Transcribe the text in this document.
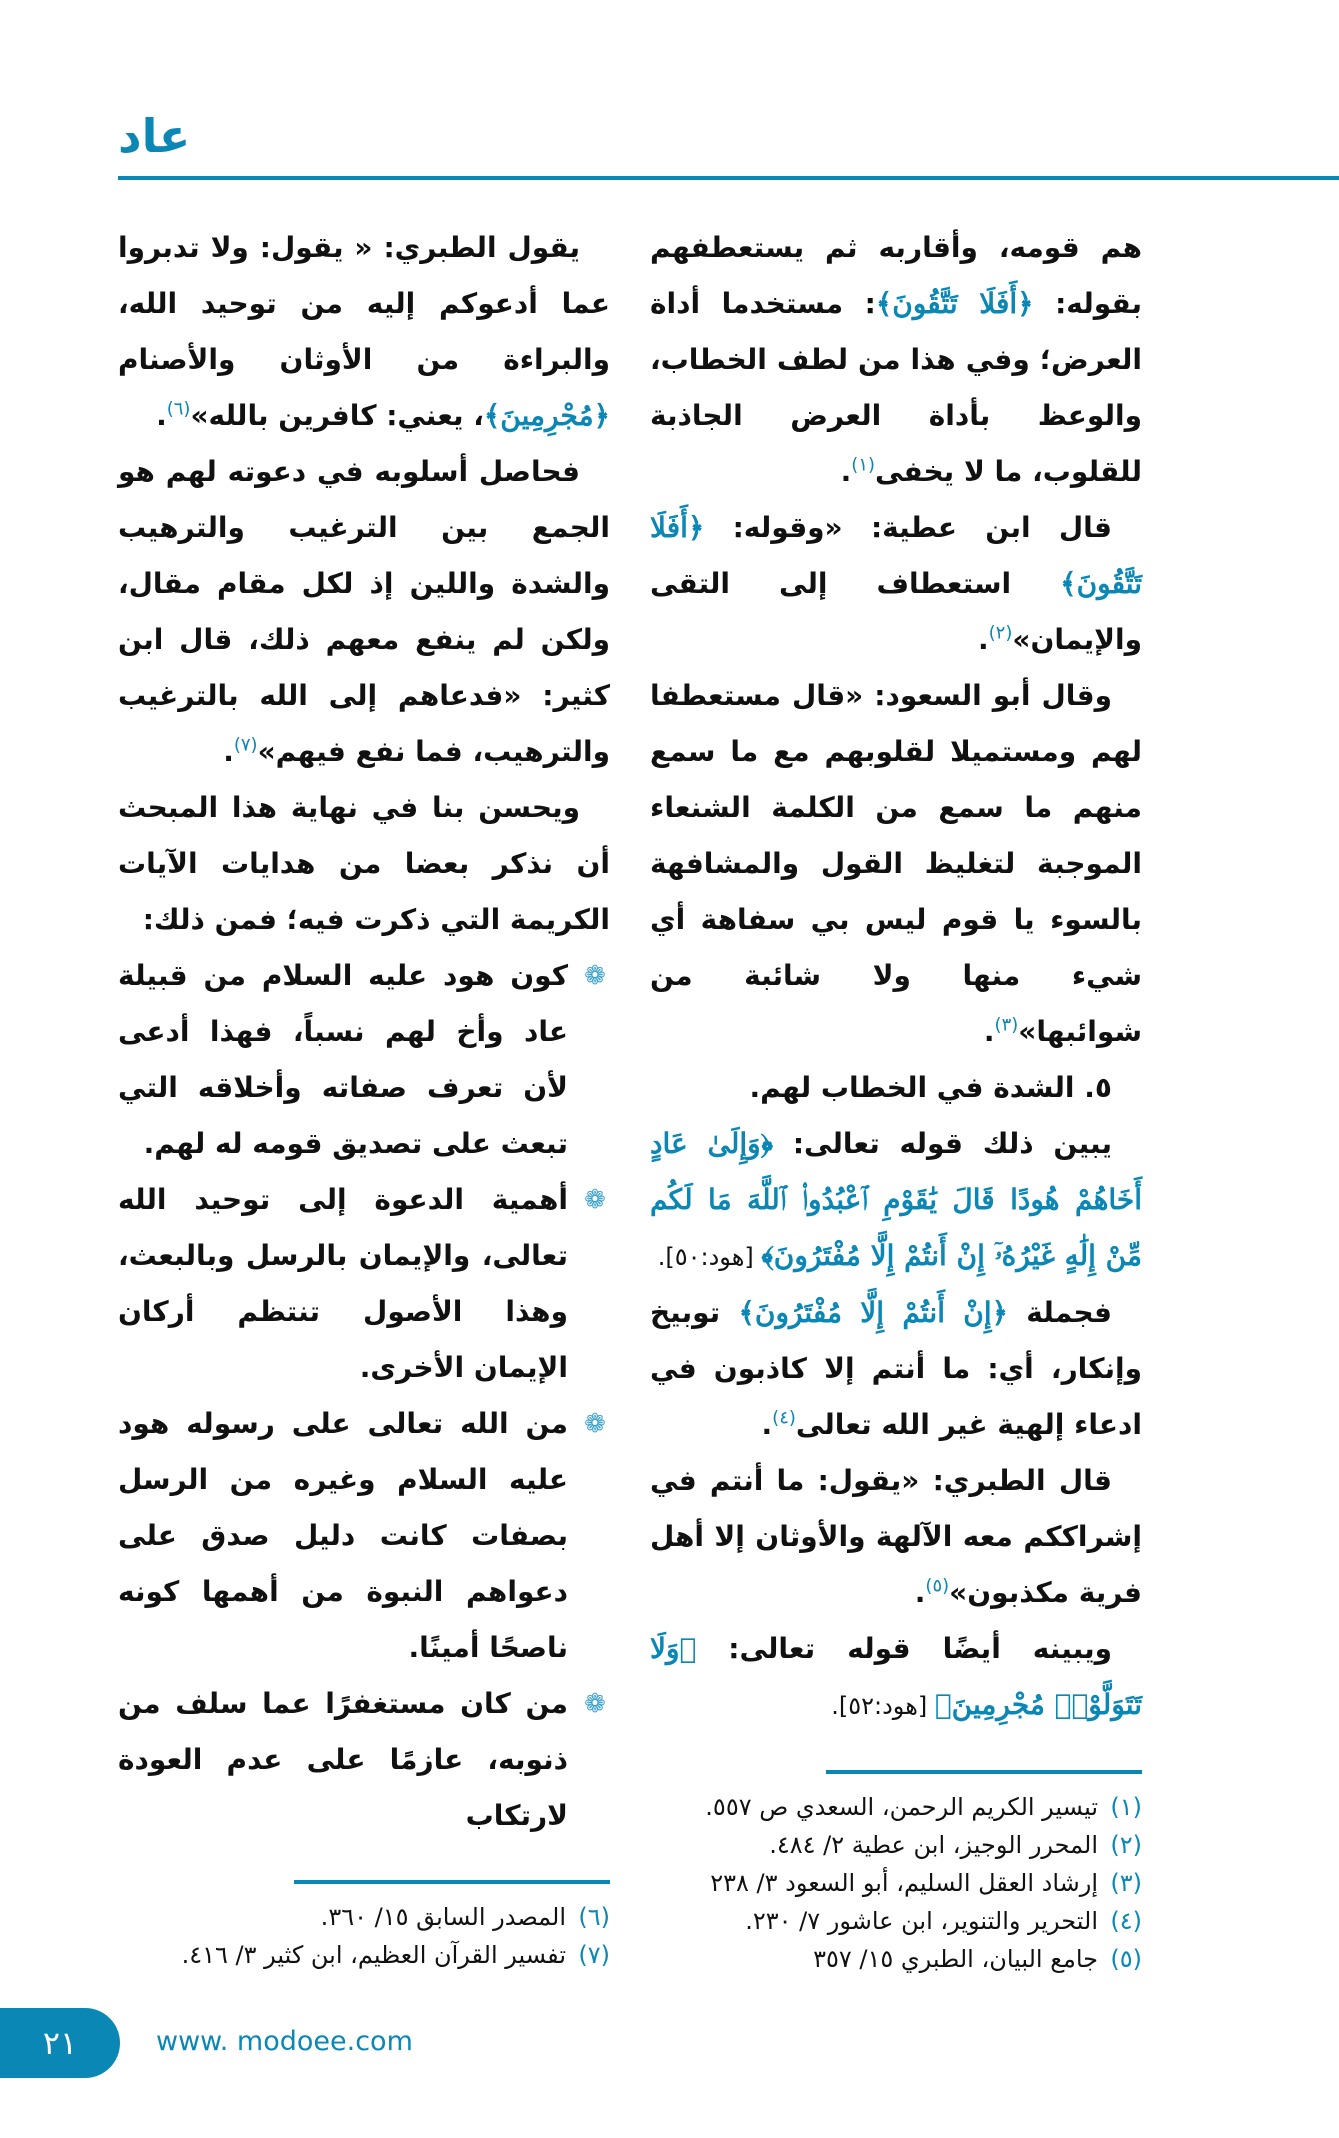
عاد

يقول الطبري: « يقول: ولا تدبروا عما أدعوكم إليه من توحيد الله، والبراءة من الأوثان والأصنام ﴿مُجْرِمِينَ﴾، يعني: كافرين بالله»$^{(٦)}$.

فحاصل أسلوبه في دعوته لهم هو الجمع بين الترغيب والترهيب والشدة واللين إذ لكل مقام مقال، ولكن لم ينفع معهم ذلك، قال ابن كثير: «فدعاهم إلى الله بالترغيب والترهيب، فما نفع فيهم»$^{(٧)}$.

ويحسن بنا في نهاية هذا المبحث أن نذكر بعضا من هدايات الآيات الكريمة التي ذكرت فيه؛ فمن ذلك:

❁
كون هود عليه السلام من قبيلة عاد وأخ لهم نسباً، فهذا أدعى لأن تعرف صفاته وأخلاقه التي تبعث على تصديق قومه له لهم.
❁
أهمية الدعوة إلى توحيد الله تعالى، والإيمان بالرسل وبالبعث، وهذا الأصول تنتظم أركان الإيمان الأخرى.
❁
من الله تعالى على رسوله هود عليه السلام وغيره من الرسل بصفات كانت دليل صدق على دعواهم النبوة من أهمها كونه ناصحًا أمينًا.
❁
من كان مستغفرًا عما سلف من ذنوبه، عازمًا على عدم العودة لارتكاب
(٦)المصدر السابق ١٥/ ٣٦٠.
(٧)تفسير القرآن العظيم، ابن كثير ٣/ ٤١٦.

هم قومه، وأقاربه ثم يستعطفهم بقوله: ﴿أَفَلَا تَتَّقُونَ﴾: مستخدما أداة العرض؛ وفي هذا من لطف الخطاب، والوعظ بأداة العرض الجاذبة للقلوب، ما لا يخفى$^{(١)}$.

قال ابن عطية: «وقوله: ﴿أَفَلَا تَتَّقُونَ﴾ استعطاف إلى التقى والإيمان»$^{(٢)}$.

وقال أبو السعود: «قال مستعطفا لهم ومستميلا لقلوبهم مع ما سمع منهم ما سمع من الكلمة الشنعاء الموجبة لتغليظ القول والمشافهة بالسوء يا قوم ليس بي سفاهة أي شيء منها ولا شائبة من شوائبها»$^{(٣)}$.

٥. الشدة في الخطاب لهم.

يبين ذلك قوله تعالى: ﴿وَإِلَىٰ عَادٍ أَخَاهُمْ هُودًا قَالَ يَٰقَوْمِ ٱعْبُدُوا۟ ٱللَّهَ مَا لَكُم مِّنْ إِلَٰهٍ غَيْرُهُۥٓ إِنْ أَنتُمْ إِلَّا مُفْتَرُونَ﴾ [هود:٥٠].

فجملة ﴿إِنْ أَنتُمْ إِلَّا مُفْتَرُونَ﴾ توبيخ وإنكار، أي: ما أنتم إلا كاذبون في ادعاء إلهية غير الله تعالى$^{(٤)}$.

قال الطبري: «يقول: ما أنتم في إشراككم معه الآلهة والأوثان إلا أهل فرية مكذبون»$^{(٥)}$.

ويبينه أيضًا قوله تعالى: ﴿وَلَا تَتَوَلَّوْا۟ مُجْرِمِينَ﴾ [هود:٥٢].

(١)تيسير الكريم الرحمن، السعدي ص ٥٥٧.
(٢)المحرر الوجيز، ابن عطية ٢/ ٤٨٤.
(٣)إرشاد العقل السليم، أبو السعود ٣/ ٢٣٨
(٤)التحرير والتنوير، ابن عاشور ٧/ ٢٣٠.
(٥)جامع البيان، الطبري ١٥/ ٣٥٧
٢١	www. modoee.com
